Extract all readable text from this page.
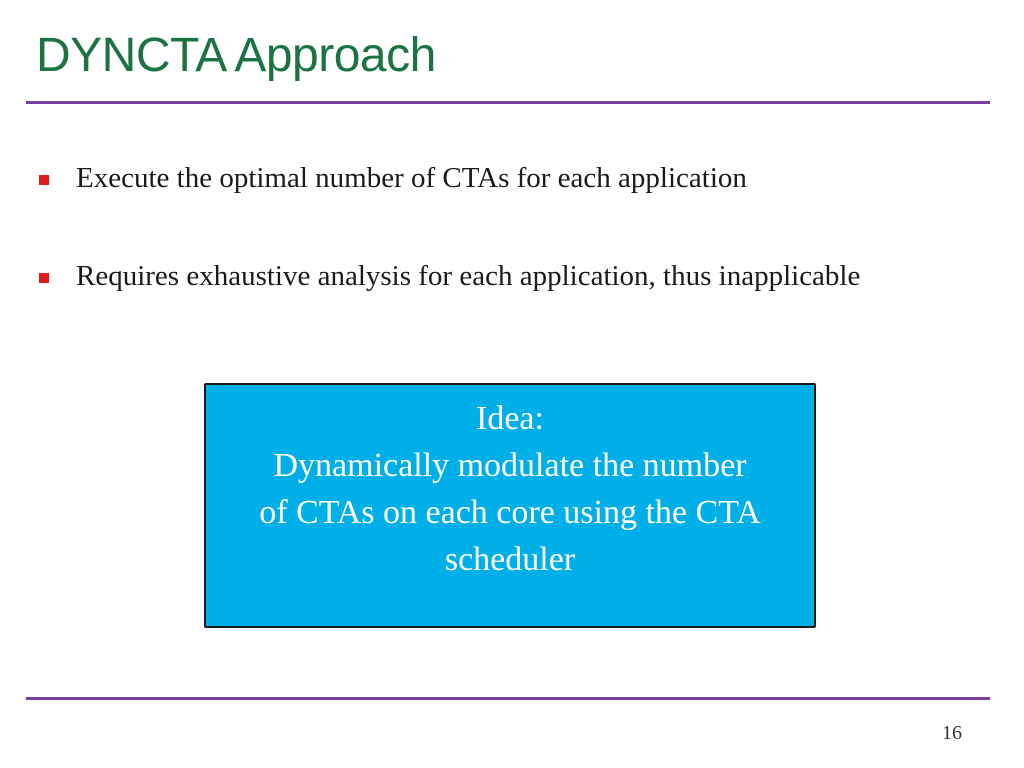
DYNCTA Approach
Execute the optimal number of CTAs for each application
Requires exhaustive analysis for each application, thus inapplicable
Idea:
Dynamically modulate the number
of CTAs on each core using the CTA
scheduler
16
